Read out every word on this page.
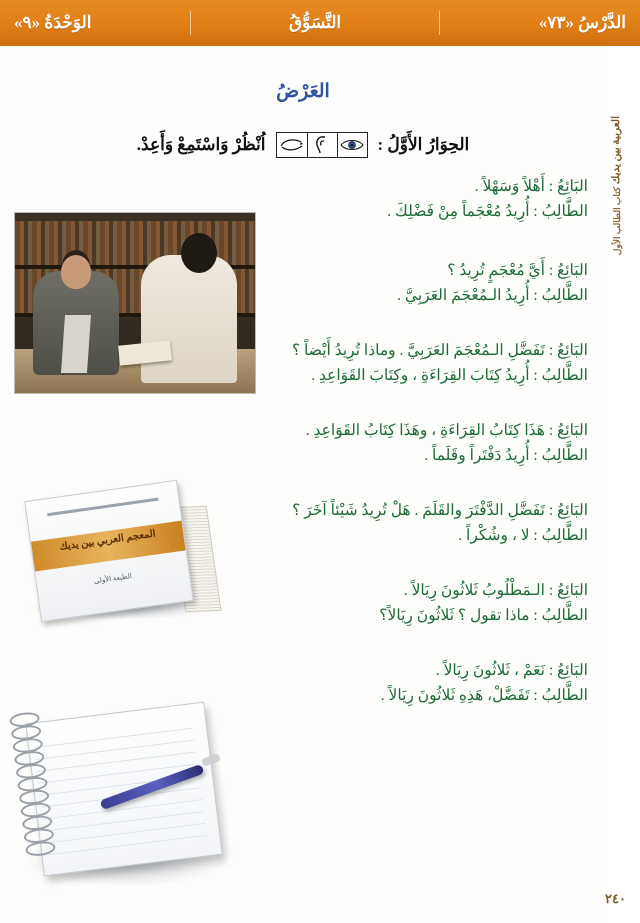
الدَّرْسُ «٧٣»
التَّسَوُّقُ
الوَحْدَةُ «٩»
العربية بين يديك كتاب الطالب الأول
العَرْضُ
الحِوَارُ الأَوَّلُ :
اُنْظُرْ وَاسْتَمِعْ وَأَعِدْ.
المعجم العربي بين يديك
الطبعة الأولى
البَائِعُ : أَهْلاً وَسَهْلاً .
الطَّالِبُ : أُرِيدُ مُعْجَماً مِنْ فَضْلِكَ .
البَائِعُ : أَيَّ مُعْجَمٍ تُرِيدُ ؟
الطَّالِبُ : أُرِيدُ الـمُعْجَمَ العَرَبِيَّ .
البَائِعُ : تَفَضَّلِ الـمُعْجَمَ العَرَبِيَّ . وماذا تُرِيدُ أَيْضاً ؟
الطَّالِبُ : أُرِيدُ كِتَابَ القِرَاءَةِ ، وكِتَابَ القَوَاعِدِ .
البَائِعُ : هَذَا كِتَابُ القِرَاءَةِ ، وهَذَا كِتَابُ القَوَاعِدِ .
الطَّالِبُ : أُرِيدُ دَفْتَراً وقَلَماً .
البَائِعُ : تَفَضَّلِ الدَّفْتَرَ والقَلَمَ . هَلْ تُرِيدُ شَيْئاً آخَرَ ؟
الطَّالِبُ : لا ، وشُكْراً .
البَائِعُ : الـمَطْلُوبُ ثَلاثُونَ رِيَالاً .
الطَّالِبُ : ماذا تقول ؟ ثَلاثُونَ رِيَالاً؟
البَائِعُ : نَعَمْ ، ثَلاثُونَ رِيَالاً .
الطَّالِبُ : تَفَضَّلْ، هَذِهِ ثَلاثُونَ رِيَالاً .
٢٤٠
